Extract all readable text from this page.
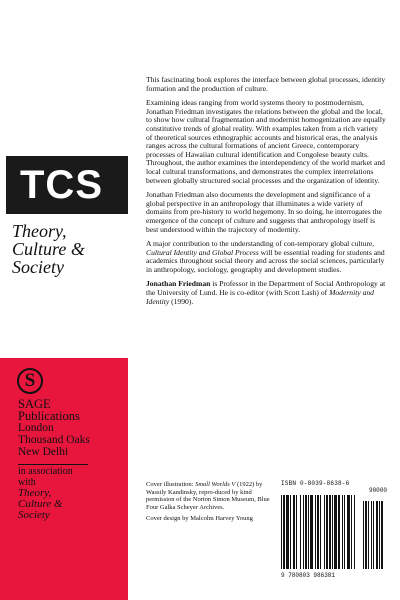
TCS
Theory,
Culture &
Society
S
SAGE
Publications
London
Thousand Oaks
New Delhi
in association
with
Theory,
Culture &
Society

This fascinating book explores the interface between global processes, identity formation and the production of culture.

Examining ideas ranging from world systems theory to postmodernism, Jonathan Friedman investigates the relations between the global and the local, to show how cultural fragmentation and modernist homogenization are equally constitutive trends of global reality. With examples taken from a rich variety of theoretical sources ethnographic accounts and historical eras, the analysis ranges across the cultural formations of ancient Greece, contemporary processes of Hawaiian cultural identification and Congolese beauty cults. Throughout, the author examines the interdependency of the world market and local cultural transformations, and demonstrates the complex interrelations between globally structured social processes and the organization of identity.

Jonathan Friedman also documents the development and significance of a global perspective in an anthropology that illuminates a wide variety of domains from pre-history to world hegemony. In so doing, he interrogates the emergence of the concept of culture and suggests that anthropology itself is best understood within the trajectory of modernity.

A major contribution to the understanding of con-temporary global culture, Cultural Identity and Global Process will be essential reading for students and academics throughout social theory and across the social sciences, particularly in anthropology, sociology, geography and development studies.

Jonathan Friedman is Professor in the Department of Social Anthropology at the University of Lund. He is co-editor (with Scott Lash) of Modernity and Identity (1990).

Cover illustration: Small Worlds V (1922) by Wassily Kandinsky, repro-duced by kind permission of the Norton Simon Museum, Blue Four Galka Scheyer Archives.

Cover design by Malcolm Harvey Young

ISBN 0-8039-8638-6
90000
9 780803 986381
